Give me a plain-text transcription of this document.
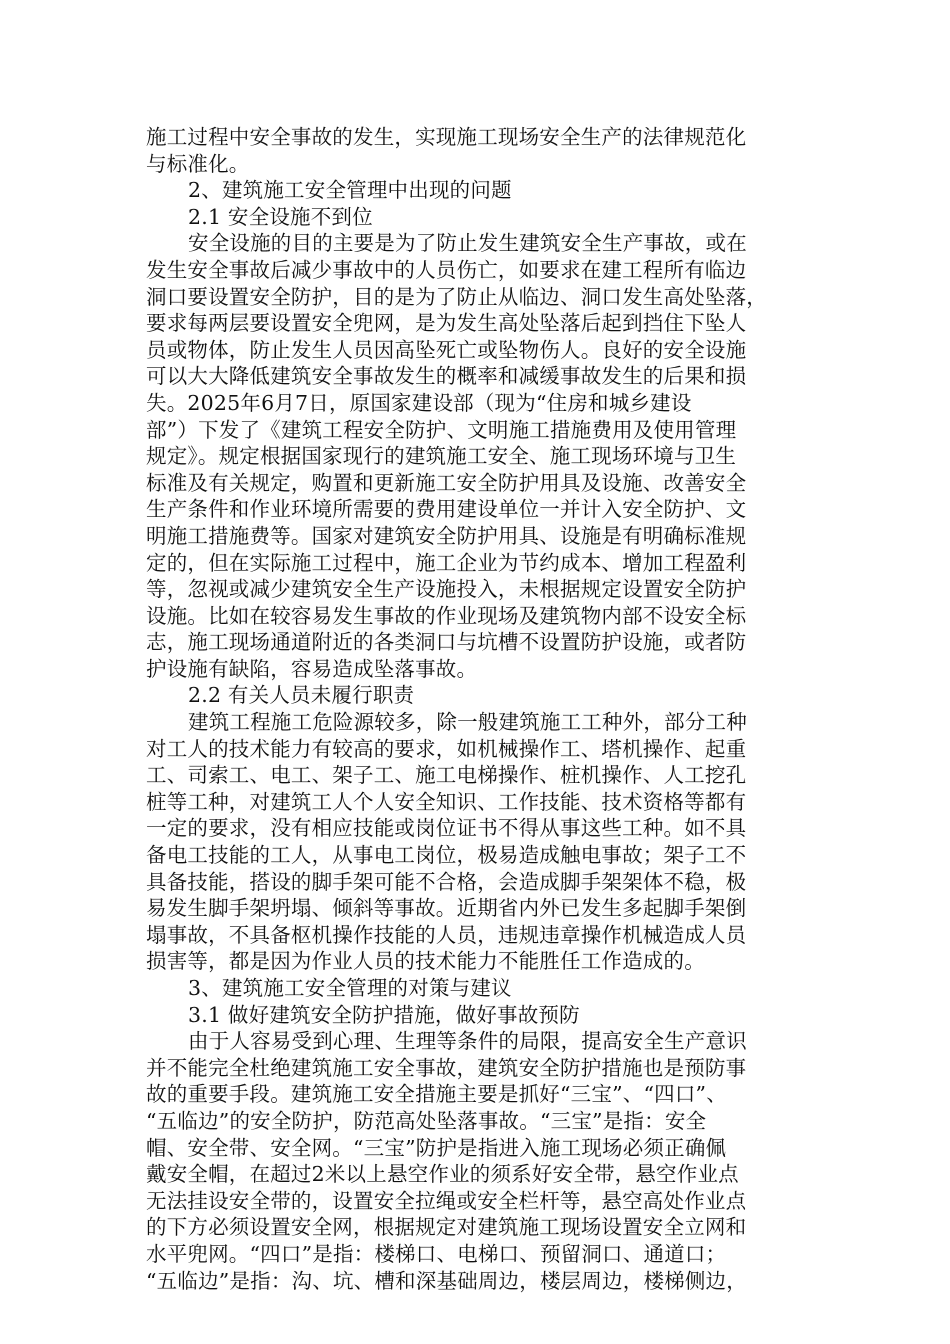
施工过程中安全事故的发生，实现施工现场安全生产的法律规范化
与标准化。
2、建筑施工安全管理中出现的问题
2.1 安全设施不到位
安全设施的目的主要是为了防止发生建筑安全生产事故，或在
发生安全事故后减少事故中的人员伤亡，如要求在建工程所有临边
洞口要设置安全防护，目的是为了防止从临边、洞口发生高处坠落，
要求每两层要设置安全兜网，是为发生高处坠落后起到挡住下坠人
员或物体，防止发生人员因高坠死亡或坠物伤人。良好的安全设施
可以大大降低建筑安全事故发生的概率和减缓事故发生的后果和损
失。2025年6月7日，原国家建设部（现为“住房和城乡建设
部”）下发了《建筑工程安全防护、文明施工措施费用及使用管理
规定》。规定根据国家现行的建筑施工安全、施工现场环境与卫生
标准及有关规定，购置和更新施工安全防护用具及设施、改善安全
生产条件和作业环境所需要的费用建设单位一并计入安全防护、文
明施工措施费等。国家对建筑安全防护用具、设施是有明确标准规
定的，但在实际施工过程中，施工企业为节约成本、增加工程盈利
等，忽视或减少建筑安全生产设施投入，未根据规定设置安全防护
设施。比如在较容易发生事故的作业现场及建筑物内部不设安全标
志，施工现场通道附近的各类洞口与坑槽不设置防护设施，或者防
护设施有缺陷，容易造成坠落事故。
2.2 有关人员未履行职责
建筑工程施工危险源较多，除一般建筑施工工种外，部分工种
对工人的技术能力有较高的要求，如机械操作工、塔机操作、起重
工、司索工、电工、架子工、施工电梯操作、桩机操作、人工挖孔
桩等工种，对建筑工人个人安全知识、工作技能、技术资格等都有
一定的要求，没有相应技能或岗位证书不得从事这些工种。如不具
备电工技能的工人，从事电工岗位，极易造成触电事故；架子工不
具备技能，搭设的脚手架可能不合格，会造成脚手架架体不稳，极
易发生脚手架坍塌、倾斜等事故。近期省内外已发生多起脚手架倒
塌事故，不具备枢机操作技能的人员，违规违章操作机械造成人员
损害等，都是因为作业人员的技术能力不能胜任工作造成的。
3、建筑施工安全管理的对策与建议
3.1 做好建筑安全防护措施，做好事故预防
由于人容易受到心理、生理等条件的局限，提高安全生产意识
并不能完全杜绝建筑施工安全事故，建筑安全防护措施也是预防事
故的重要手段。建筑施工安全措施主要是抓好“三宝”、“四口”、
“五临边”的安全防护，防范高处坠落事故。“三宝”是指：安全
帽、安全带、安全网。“三宝”防护是指进入施工现场必须正确佩
戴安全帽，在超过2米以上悬空作业的须系好安全带，悬空作业点
无法挂设安全带的，设置安全拉绳或安全栏杆等，悬空高处作业点
的下方必须设置安全网，根据规定对建筑施工现场设置安全立网和
水平兜网。“四口”是指：楼梯口、电梯口、预留洞口、通道口；
“五临边”是指：沟、坑、槽和深基础周边，楼层周边，楼梯侧边，
